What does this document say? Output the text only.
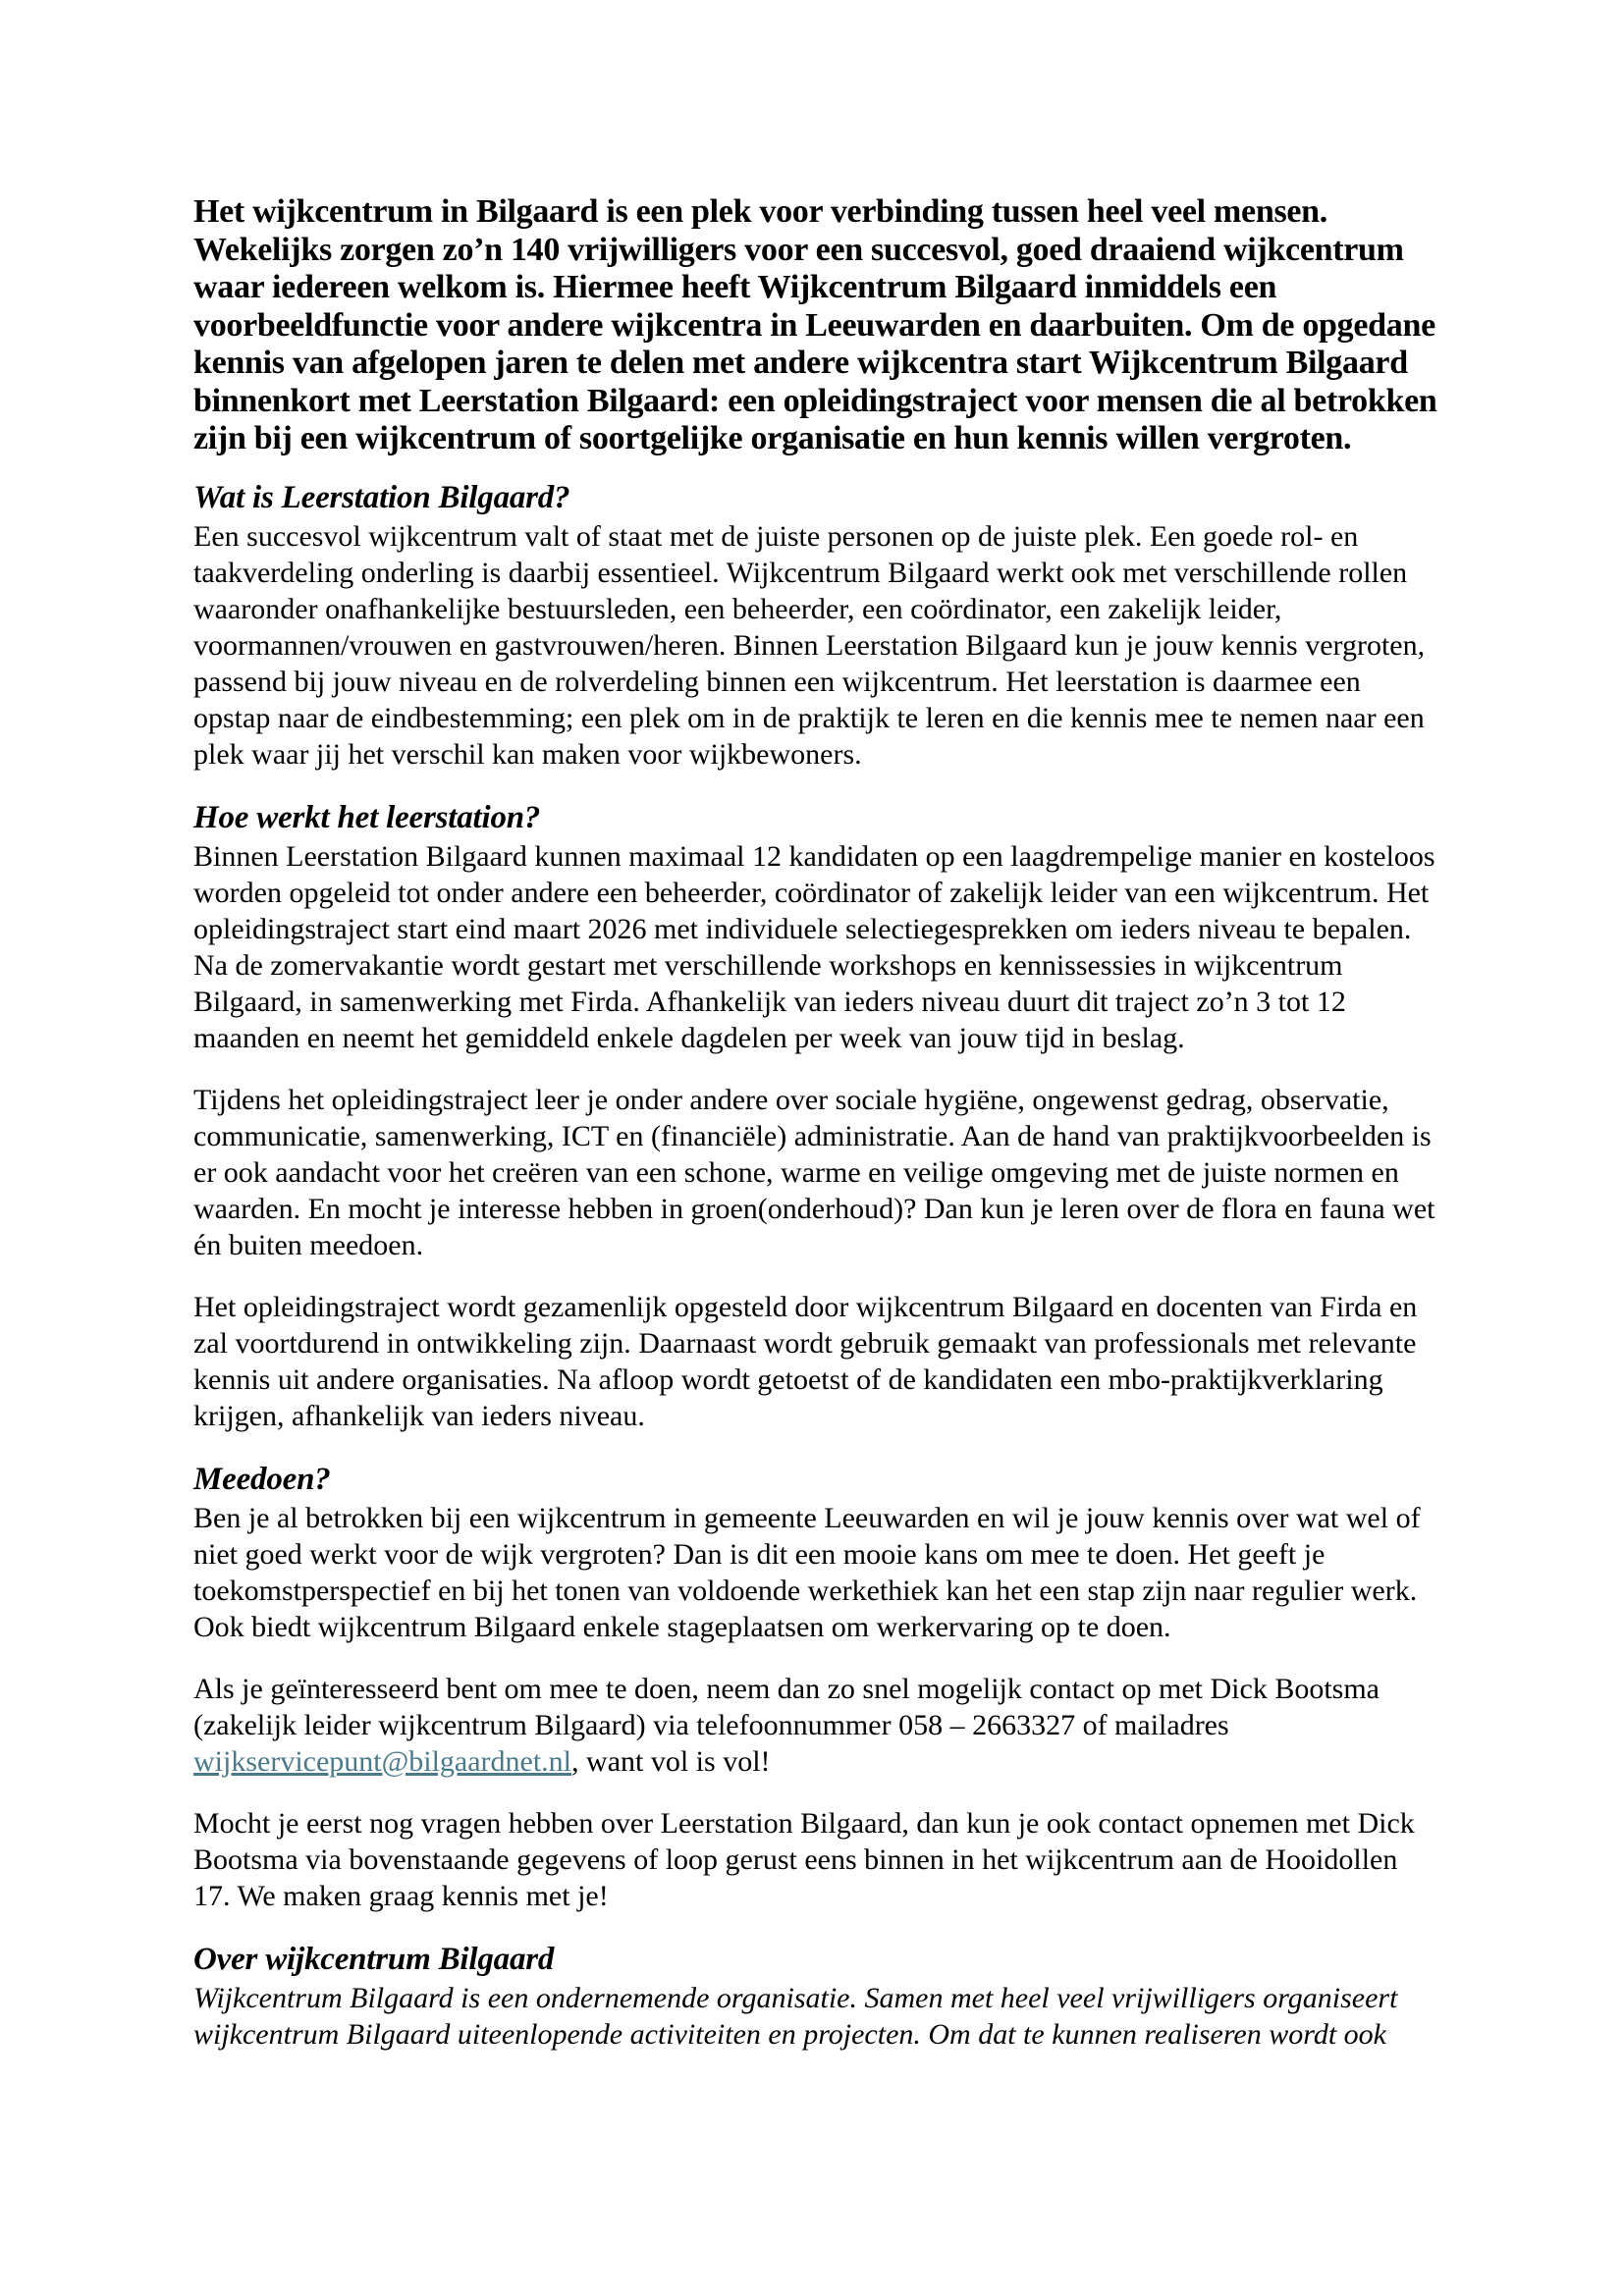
Het wijkcentrum in Bilgaard is een plek voor verbinding tussen heel veel mensen. Wekelijks zorgen zo’n 140 vrijwilligers voor een succesvol, goed draaiend wijkcentrum waar iedereen welkom is. Hiermee heeft Wijkcentrum Bilgaard inmiddels een voorbeeldfunctie voor andere wijkcentra in Leeuwarden en daarbuiten. Om de opgedane kennis van afgelopen jaren te delen met andere wijkcentra start Wijkcentrum Bilgaard binnenkort met Leerstation Bilgaard: een opleidingstraject voor mensen die al betrokken zijn bij een wijkcentrum of soortgelijke organisatie en hun kennis willen vergroten.

Wat is Leerstation Bilgaard?

Een succesvol wijkcentrum valt of staat met de juiste personen op de juiste plek. Een goede rol- en taakverdeling onderling is daarbij essentieel. Wijkcentrum Bilgaard werkt ook met verschillende rollen waaronder onafhankelijke bestuursleden, een beheerder, een coördinator, een zakelijk leider, voormannen/vrouwen en gastvrouwen/heren. Binnen Leerstation Bilgaard kun je jouw kennis vergroten, passend bij jouw niveau en de rolverdeling binnen een wijkcentrum. Het leerstation is daarmee een opstap naar de eindbestemming; een plek om in de praktijk te leren en die kennis mee te nemen naar een plek waar jij het verschil kan maken voor wijkbewoners.

Hoe werkt het leerstation?

Binnen Leerstation Bilgaard kunnen maximaal 12 kandidaten op een laagdrempelige manier en kosteloos worden opgeleid tot onder andere een beheerder, coördinator of zakelijk leider van een wijkcentrum. Het opleidingstraject start eind maart 2026 met individuele selectiegesprekken om ieders niveau te bepalen. Na de zomervakantie wordt gestart met verschillende workshops en kennissessies in wijkcentrum Bilgaard, in samenwerking met Firda. Afhankelijk van ieders niveau duurt dit traject zo’n 3 tot 12 maanden en neemt het gemiddeld enkele dagdelen per week van jouw tijd in beslag.

Tijdens het opleidingstraject leer je onder andere over sociale hygiëne, ongewenst gedrag, observatie, communicatie, samenwerking, ICT en (financiële) administratie. Aan de hand van praktijkvoorbeelden is er ook aandacht voor het creëren van een schone, warme en veilige omgeving met de juiste normen en waarden. En mocht je interesse hebben in groen(onderhoud)? Dan kun je leren over de flora en fauna wet én buiten meedoen.

Het opleidingstraject wordt gezamenlijk opgesteld door wijkcentrum Bilgaard en docenten van Firda en zal voortdurend in ontwikkeling zijn. Daarnaast wordt gebruik gemaakt van professionals met relevante kennis uit andere organisaties. Na afloop wordt getoetst of de kandidaten een mbo-praktijkverklaring krijgen, afhankelijk van ieders niveau.

Meedoen?

Ben je al betrokken bij een wijkcentrum in gemeente Leeuwarden en wil je jouw kennis over wat wel of niet goed werkt voor de wijk vergroten? Dan is dit een mooie kans om mee te doen. Het geeft je toekomstperspectief en bij het tonen van voldoende werkethiek kan het een stap zijn naar regulier werk. Ook biedt wijkcentrum Bilgaard enkele stageplaatsen om werkervaring op te doen.

Als je geïnteresseerd bent om mee te doen, neem dan zo snel mogelijk contact op met Dick Bootsma (zakelijk leider wijkcentrum Bilgaard) via telefoonnummer 058 – 2663327 of mailadres wijkservicepunt@bilgaardnet.nl, want vol is vol!

Mocht je eerst nog vragen hebben over Leerstation Bilgaard, dan kun je ook contact opnemen met Dick Bootsma via bovenstaande gegevens of loop gerust eens binnen in het wijkcentrum aan de Hooidollen 17. We maken graag kennis met je!

Over wijkcentrum Bilgaard

Wijkcentrum Bilgaard is een ondernemende organisatie. Samen met heel veel vrijwilligers organiseert wijkcentrum Bilgaard uiteenlopende activiteiten en projecten. Om dat te kunnen realiseren wordt ook
